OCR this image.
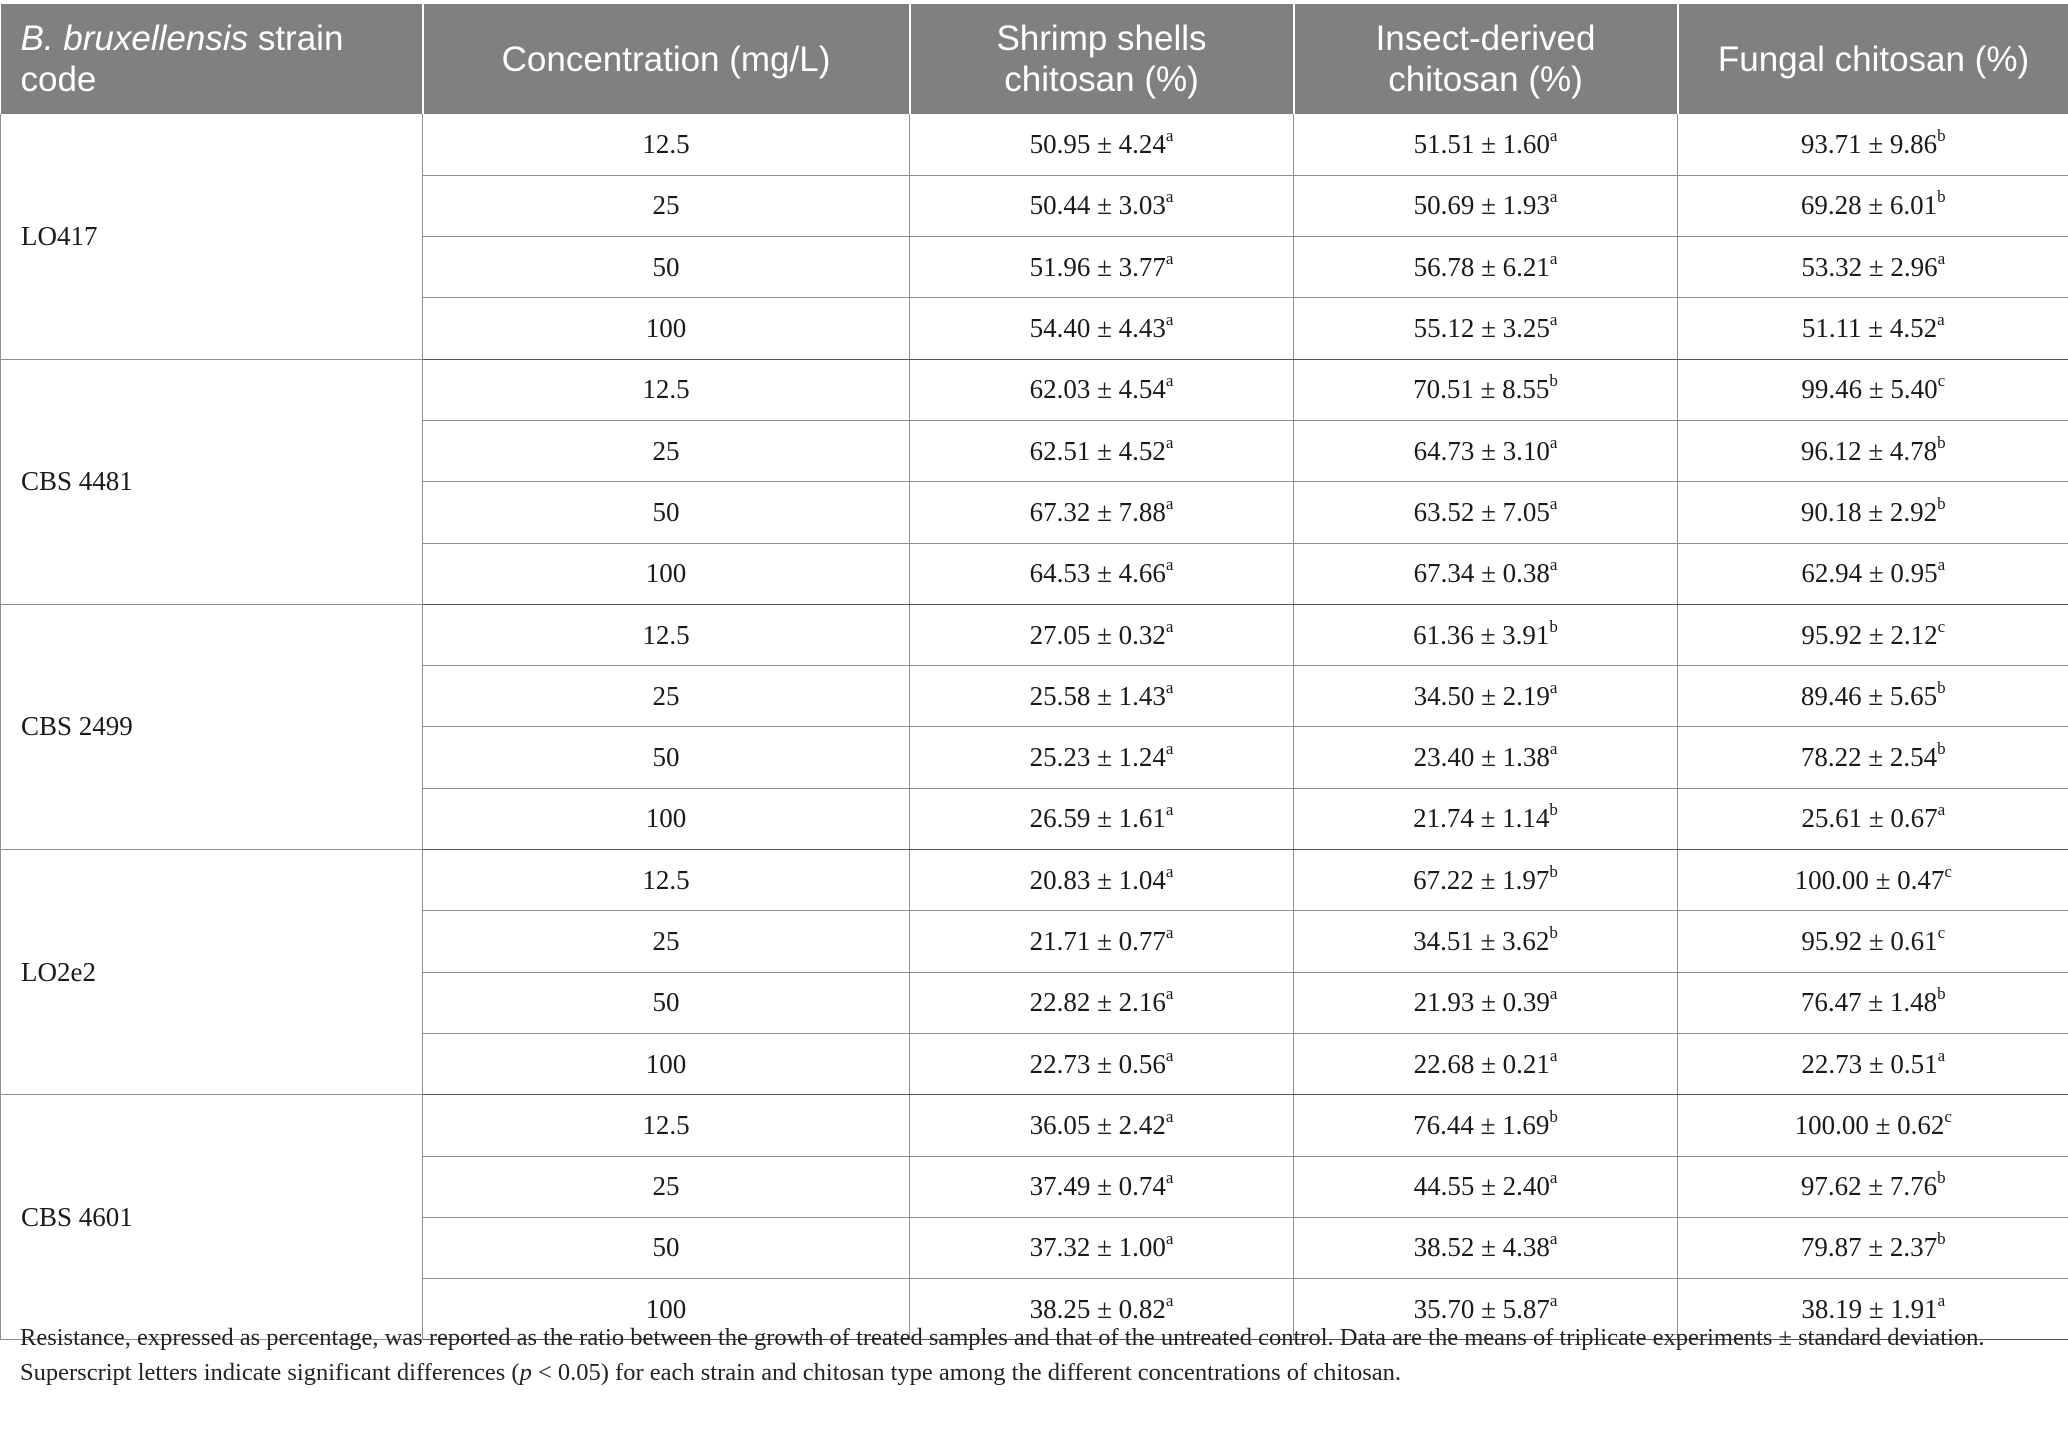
B. bruxellensis strain code	Concentration (mg/L)	Shrimp shells chitosan (%)	Insect-derived chitosan (%)	Fungal chitosan (%)
LO417	12.5	50.95 ± 4.24$^a$	51.51 ± 1.60$^a$	93.71 ± 9.86$^b$
	25	50.44 ± 3.03$^a$	50.69 ± 1.93$^a$	69.28 ± 6.01$^b$
	50	51.96 ± 3.77$^a$	56.78 ± 6.21$^a$	53.32 ± 2.96$^a$
	100	54.40 ± 4.43$^a$	55.12 ± 3.25$^a$	51.11 ± 4.52$^a$
CBS 4481	12.5	62.03 ± 4.54$^a$	70.51 ± 8.55$^b$	99.46 ± 5.40$^c$
	25	62.51 ± 4.52$^a$	64.73 ± 3.10$^a$	96.12 ± 4.78$^b$
	50	67.32 ± 7.88$^a$	63.52 ± 7.05$^a$	90.18 ± 2.92$^b$
	100	64.53 ± 4.66$^a$	67.34 ± 0.38$^a$	62.94 ± 0.95$^a$
CBS 2499	12.5	27.05 ± 0.32$^a$	61.36 ± 3.91$^b$	95.92 ± 2.12$^c$
	25	25.58 ± 1.43$^a$	34.50 ± 2.19$^a$	89.46 ± 5.65$^b$
	50	25.23 ± 1.24$^a$	23.40 ± 1.38$^a$	78.22 ± 2.54$^b$
	100	26.59 ± 1.61$^a$	21.74 ± 1.14$^b$	25.61 ± 0.67$^a$
LO2e2	12.5	20.83 ± 1.04$^a$	67.22 ± 1.97$^b$	100.00 ± 0.47$^c$
	25	21.71 ± 0.77$^a$	34.51 ± 3.62$^b$	95.92 ± 0.61$^c$
	50	22.82 ± 2.16$^a$	21.93 ± 0.39$^a$	76.47 ± 1.48$^b$
	100	22.73 ± 0.56$^a$	22.68 ± 0.21$^a$	22.73 ± 0.51$^a$
CBS 4601	12.5	36.05 ± 2.42$^a$	76.44 ± 1.69$^b$	100.00 ± 0.62$^c$
	25	37.49 ± 0.74$^a$	44.55 ± 2.40$^a$	97.62 ± 7.76$^b$
	50	37.32 ± 1.00$^a$	38.52 ± 4.38$^a$	79.87 ± 2.37$^b$
	100	38.25 ± 0.82$^a$	35.70 ± 5.87$^a$	38.19 ± 1.91$^a$

Resistance, expressed as percentage, was reported as the ratio between the growth of treated samples and that of the untreated control. Data are the means of triplicate experiments ± standard deviation. Superscript letters indicate significant differences (p < 0.05) for each strain and chitosan type among the different concentrations of chitosan.
